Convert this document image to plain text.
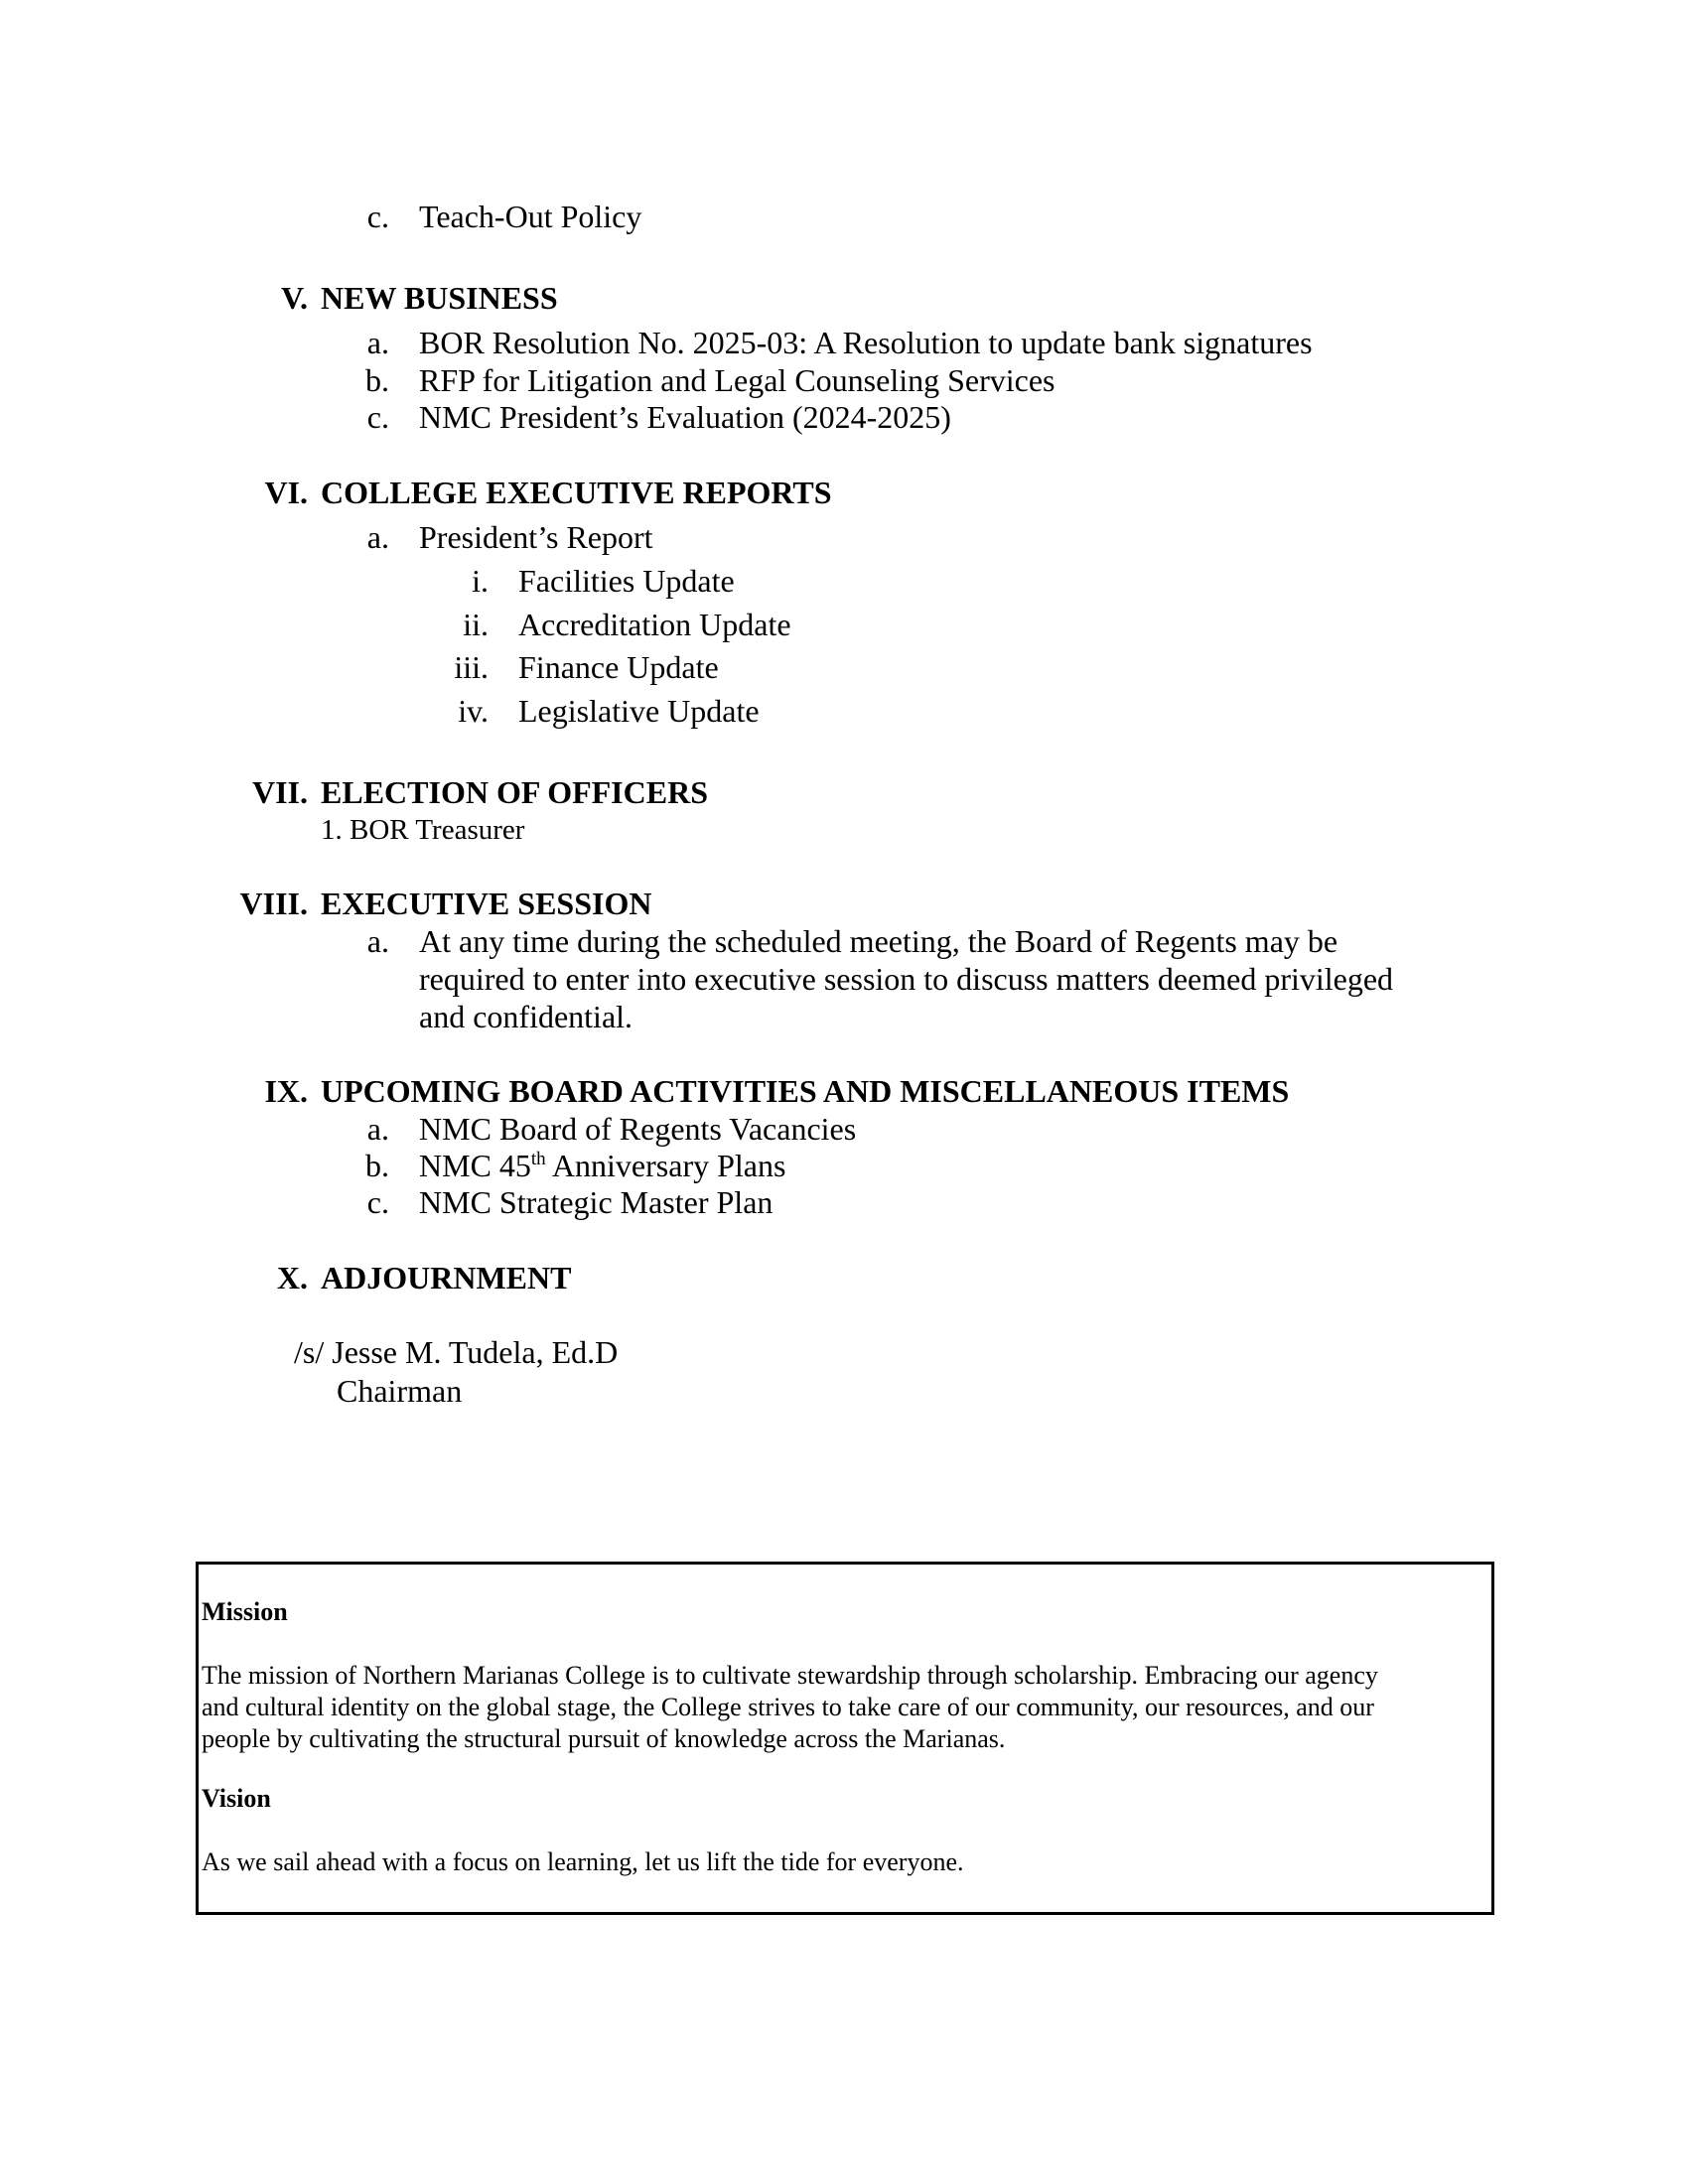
c. Teach-Out Policy
V. NEW BUSINESS
a. BOR Resolution No. 2025-03: A Resolution to update bank signatures
b. RFP for Litigation and Legal Counseling Services
c. NMC President’s Evaluation (2024-2025)
VI. COLLEGE EXECUTIVE REPORTS
a. President’s Report
i. Facilities Update
ii. Accreditation Update
iii. Finance Update
iv. Legislative Update
VII. ELECTION OF OFFICERS
1. BOR Treasurer
VIII. EXECUTIVE SESSION
a. At any time during the scheduled meeting, the Board of Regents may be
required to enter into executive session to discuss matters deemed privileged
and confidential.
IX. UPCOMING BOARD ACTIVITIES AND MISCELLANEOUS ITEMS
a. NMC Board of Regents Vacancies
b. NMC 45th Anniversary Plans
c. NMC Strategic Master Plan
X. ADJOURNMENT
/s/ Jesse M. Tudela, Ed.D
Chairman
Mission
The mission of Northern Marianas College is to cultivate stewardship through scholarship. Embracing our agency
and cultural identity on the global stage, the College strives to take care of our community, our resources, and our
people by cultivating the structural pursuit of knowledge across the Marianas.
Vision
As we sail ahead with a focus on learning, let us lift the tide for everyone.
